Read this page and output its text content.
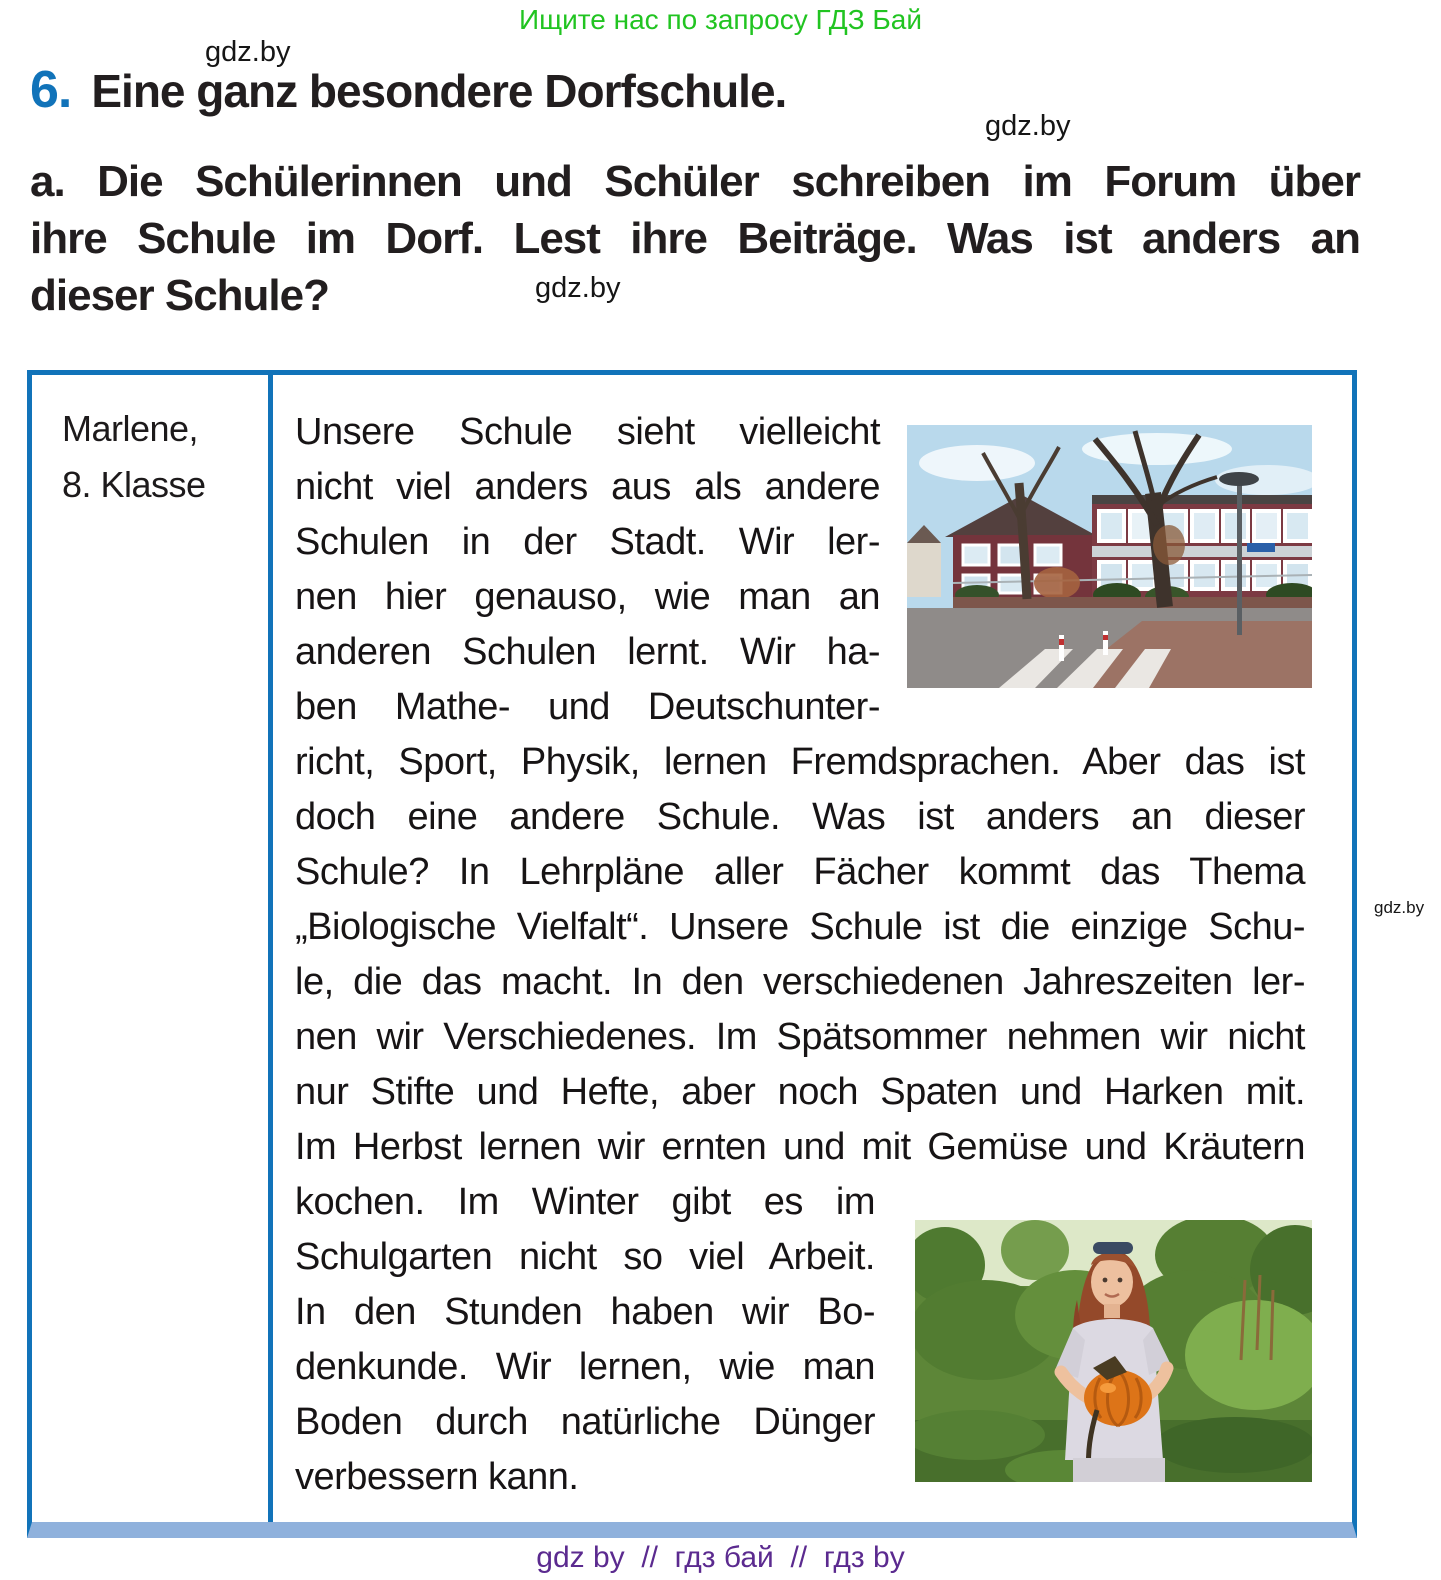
Ищите нас по запросу ГДЗ Бай
gdz.by
gdz.by
gdz.by
gdz.by
6. Eine ganz besondere Dorfschule.
a. Die Schülerinnen und Schüler schreiben im Forum über
ihre Schule im Dorf. Lest ihre Beiträge. Was ist anders an
dieser Schule?
Marlene,
8. Klasse
Unsere Schule sieht vielleicht
nicht viel anders aus als andere
Schulen in der Stadt. Wir ler-
nen hier genauso, wie man an
anderen Schulen lernt. Wir ha-
ben Mathe- und Deutschunter-
richt, Sport, Physik, lernen Fremdsprachen. Aber das ist
doch eine andere Schule. Was ist anders an dieser
Schule? In Lehrpläne aller Fächer kommt das Thema
„Biologische Vielfalt“. Unsere Schule ist die einzige Schu-
le, die das macht. In den verschiedenen Jahreszeiten ler-
nen wir Verschiedenes. Im Spätsommer nehmen wir nicht
nur Stifte und Hefte, aber noch Spaten und Harken mit.
Im Herbst lernen wir ernten und mit Gemüse und Kräutern
kochen. Im Winter gibt es im
Schulgarten nicht so viel Arbeit.
In den Stunden haben wir Bo-
denkunde. Wir lernen, wie man
Boden durch natürliche Dünger
verbessern kann.
gdz by  //  гдз бай  //  гдз by
